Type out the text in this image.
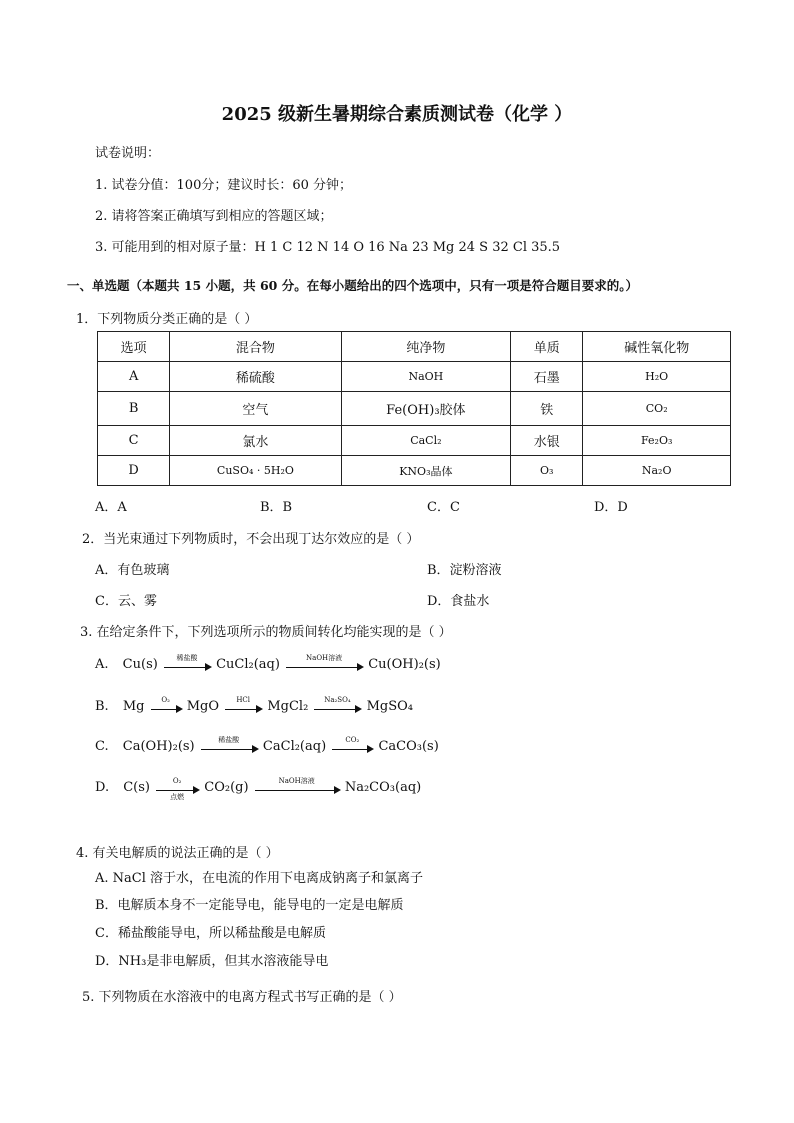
2025 级新生暑期综合素质测试卷（化学 ）
试卷说明：
1. 试卷分值：100分；建议时长：60 分钟；
2. 请将答案正确填写到相应的答题区域；
3. 可能用到的相对原子量：H 1 C 12 N 14 O 16 Na 23 Mg 24 S 32 Cl 35.5
一、单选题（本题共 15 小题，共 60 分。在每小题给出的四个选项中，只有一项是符合题目要求的。）
1．下列物质分类正确的是（ ）
选项	混合物	纯净物	单质	碱性氧化物
A	稀硫酸	NaOH	石墨	H₂O
B	空气	Fe(OH)₃胶体	铁	CO₂
C	氯水	CaCl₂	水银	Fe₂O₃
D	CuSO₄ · 5H₂O	KNO₃晶体	O₃	Na₂O
A．A	B．B	C．C	D．D
2．当光束通过下列物质时，不会出现丁达尔效应的是（ ）
A．有色玻璃	B．淀粉溶液
C．云、雾	D．食盐水
3. 在给定条件下，下列选项所示的物质间转化均能实现的是（ ）
A. Cu(s)	稀盐酸	CuCl₂(aq)	NaOH溶液	Cu(OH)₂(s)
B. Mg	O₂	MgO	HCl	MgCl₂	Na₂SO₄	MgSO₄
C. Ca(OH)₂(s)	稀盐酸	CaCl₂(aq)	CO₂	CaCO₃(s)
D. C(s)	O₂
点燃
CO₂(g)	NaOH溶液	Na₂CO₃(aq)
4. 有关电解质的说法正确的是（ ）
A. NaCl 溶于水，在电流的作用下电离成钠离子和氯离子
B．电解质本身不一定能导电，能导电的一定是电解质
C．稀盐酸能导电，所以稀盐酸是电解质
D．NH₃是非电解质，但其水溶液能导电
5. 下列物质在水溶液中的电离方程式书写正确的是（ ）
